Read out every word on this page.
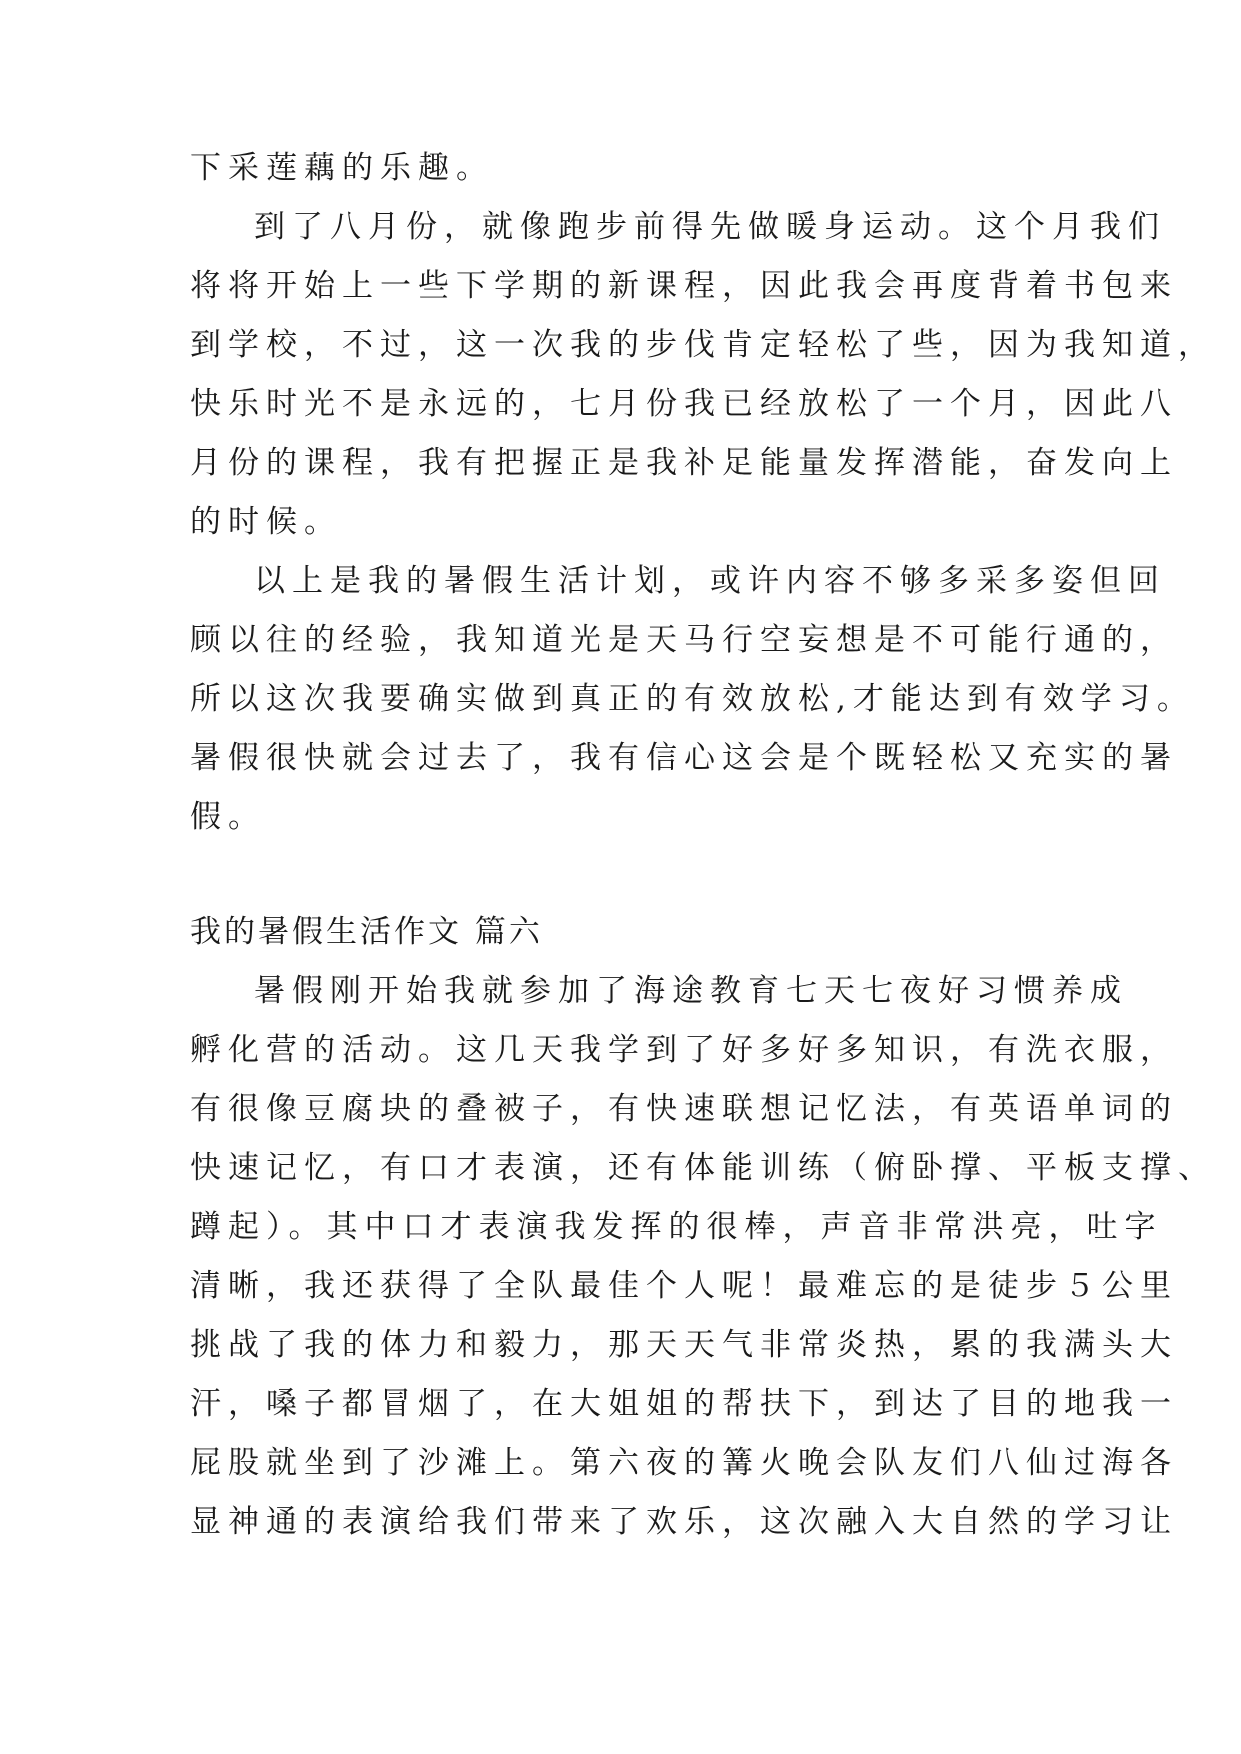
下采莲藕的乐趣。
到了八月份，就像跑步前得先做暖身运动。这个月我们
将将开始上一些下学期的新课程，因此我会再度背着书包来
到学校，不过，这一次我的步伐肯定轻松了些，因为我知道，
快乐时光不是永远的，七月份我已经放松了一个月，因此八
月份的课程，我有把握正是我补足能量发挥潜能，奋发向上
的时候。
以上是我的暑假生活计划，或许内容不够多采多姿但回
顾以往的经验，我知道光是天马行空妄想是不可能行通的，
所以这次我要确实做到真正的有效放松,才能达到有效学习。
暑假很快就会过去了，我有信心这会是个既轻松又充实的暑
假。
我的暑假生活作文 篇六
暑假刚开始我就参加了海途教育七天七夜好习惯养成
孵化营的活动。这几天我学到了好多好多知识，有洗衣服，
有很像豆腐块的叠被子，有快速联想记忆法，有英语单词的
快速记忆，有口才表演，还有体能训练（俯卧撑、平板支撑、
蹲起）。其中口才表演我发挥的很棒，声音非常洪亮，吐字
清晰，我还获得了全队最佳个人呢！最难忘的是徒步５公里
挑战了我的体力和毅力，那天天气非常炎热，累的我满头大
汗，嗓子都冒烟了，在大姐姐的帮扶下，到达了目的地我一
屁股就坐到了沙滩上。第六夜的篝火晚会队友们八仙过海各
显神通的表演给我们带来了欢乐，这次融入大自然的学习让
